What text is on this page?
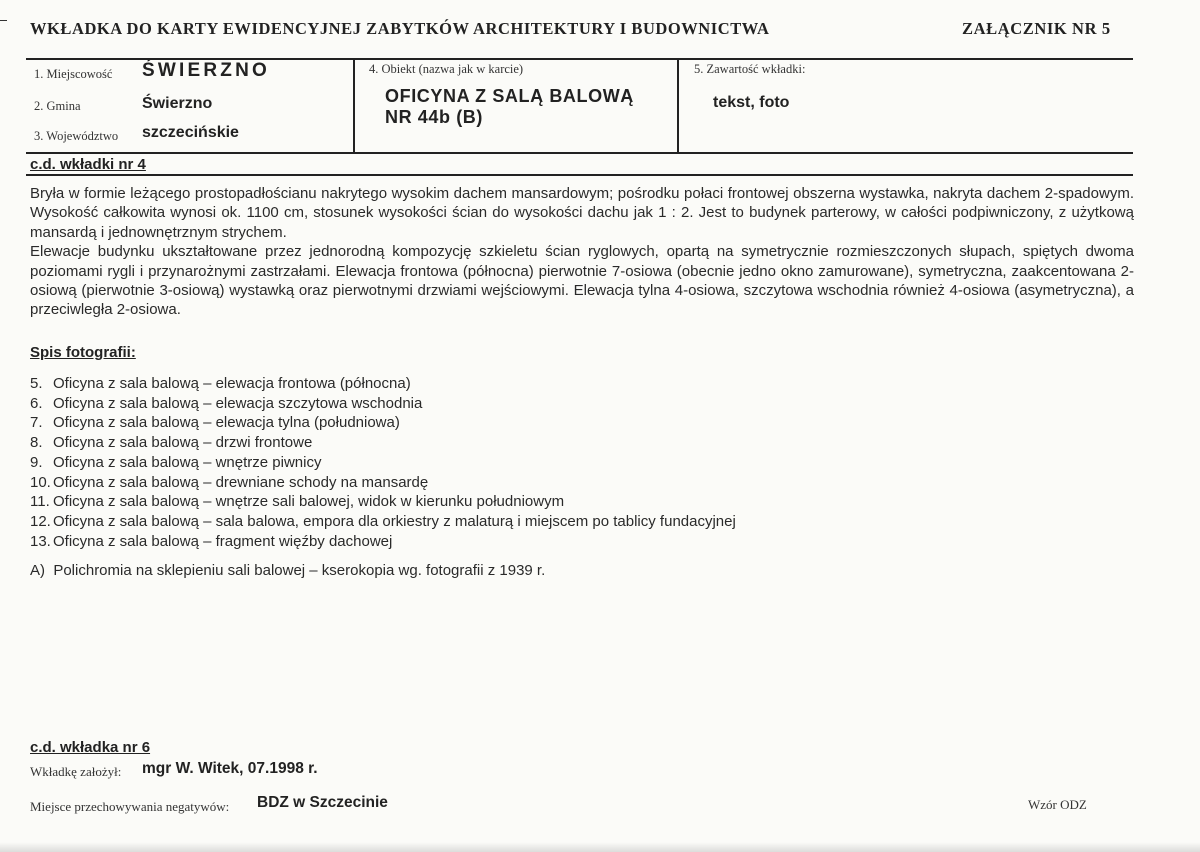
WKŁADKA DO KARTY EWIDENCYJNEJ ZABYTKÓW ARCHITEKTURY I BUDOWNICTWA	ZAŁĄCZNIK NR 5
1. Miejscowość ŚWIERZNO
2. Gmina	Świerzno
3. Województwo szczecińskie
4. Obiekt (nazwa jak w karcie)
OFICYNA Z SALĄ BALOWĄ
NR 44b (B)
5. Zawartość wkładki:
tekst, foto
c.d. wkładki nr 4

Bryła w formie leżącego prostopadłościanu nakrytego wysokim dachem mansardowym; pośrodku połaci frontowej obszerna wystawka, nakryta dachem 2-spadowym. Wysokość całkowita wynosi ok. 1100 cm, stosunek wysokości ścian do wysokości dachu jak 1 : 2. Jest to budynek parterowy, w całości podpiwniczony, z użytkową mansardą i jednownętrznym strychem.

Elewacje budynku ukształtowane przez jednorodną kompozycję szkieletu ścian ryglowych, opartą na symetrycznie rozmieszczonych słupach, spiętych dwoma poziomami rygli i przynarożnymi zastrzałami. Elewacja frontowa (północna) pierwotnie 7-osiowa (obecnie jedno okno zamurowane), symetryczna, zaakcentowana 2-osiową (pierwotnie 3-osiową) wystawką oraz pierwotnymi drzwiami wejściowymi. Elewacja tylna 4-osiowa, szczytowa wschodnia również 4-osiowa (asymetryczna), a przeciwległa 2-osiowa.

Spis fotografii:
5. Oficyna z sala balową – elewacja frontowa (północna)
6. Oficyna z sala balową – elewacja szczytowa wschodnia
7. Oficyna z sala balową – elewacja tylna (południowa)
8. Oficyna z sala balową – drzwi frontowe
9. Oficyna z sala balową – wnętrze piwnicy
10. Oficyna z sala balową – drewniane schody na mansardę
11. Oficyna z sala balową – wnętrze sali balowej, widok w kierunku południowym
12. Oficyna z sala balową – sala balowa, empora dla orkiestry z malaturą i miejscem po tablicy fundacyjnej
13. Oficyna z sala balową – fragment więźby dachowej
A)  Polichromia na sklepieniu sali balowej – kserokopia wg. fotografii z 1939 r.
c.d. wkładka nr 6
Wkładkę założył: mgr W. Witek, 07.1998 r.
Miejsce przechowywania negatywów: BDZ w Szczecinie	Wzór ODZ
